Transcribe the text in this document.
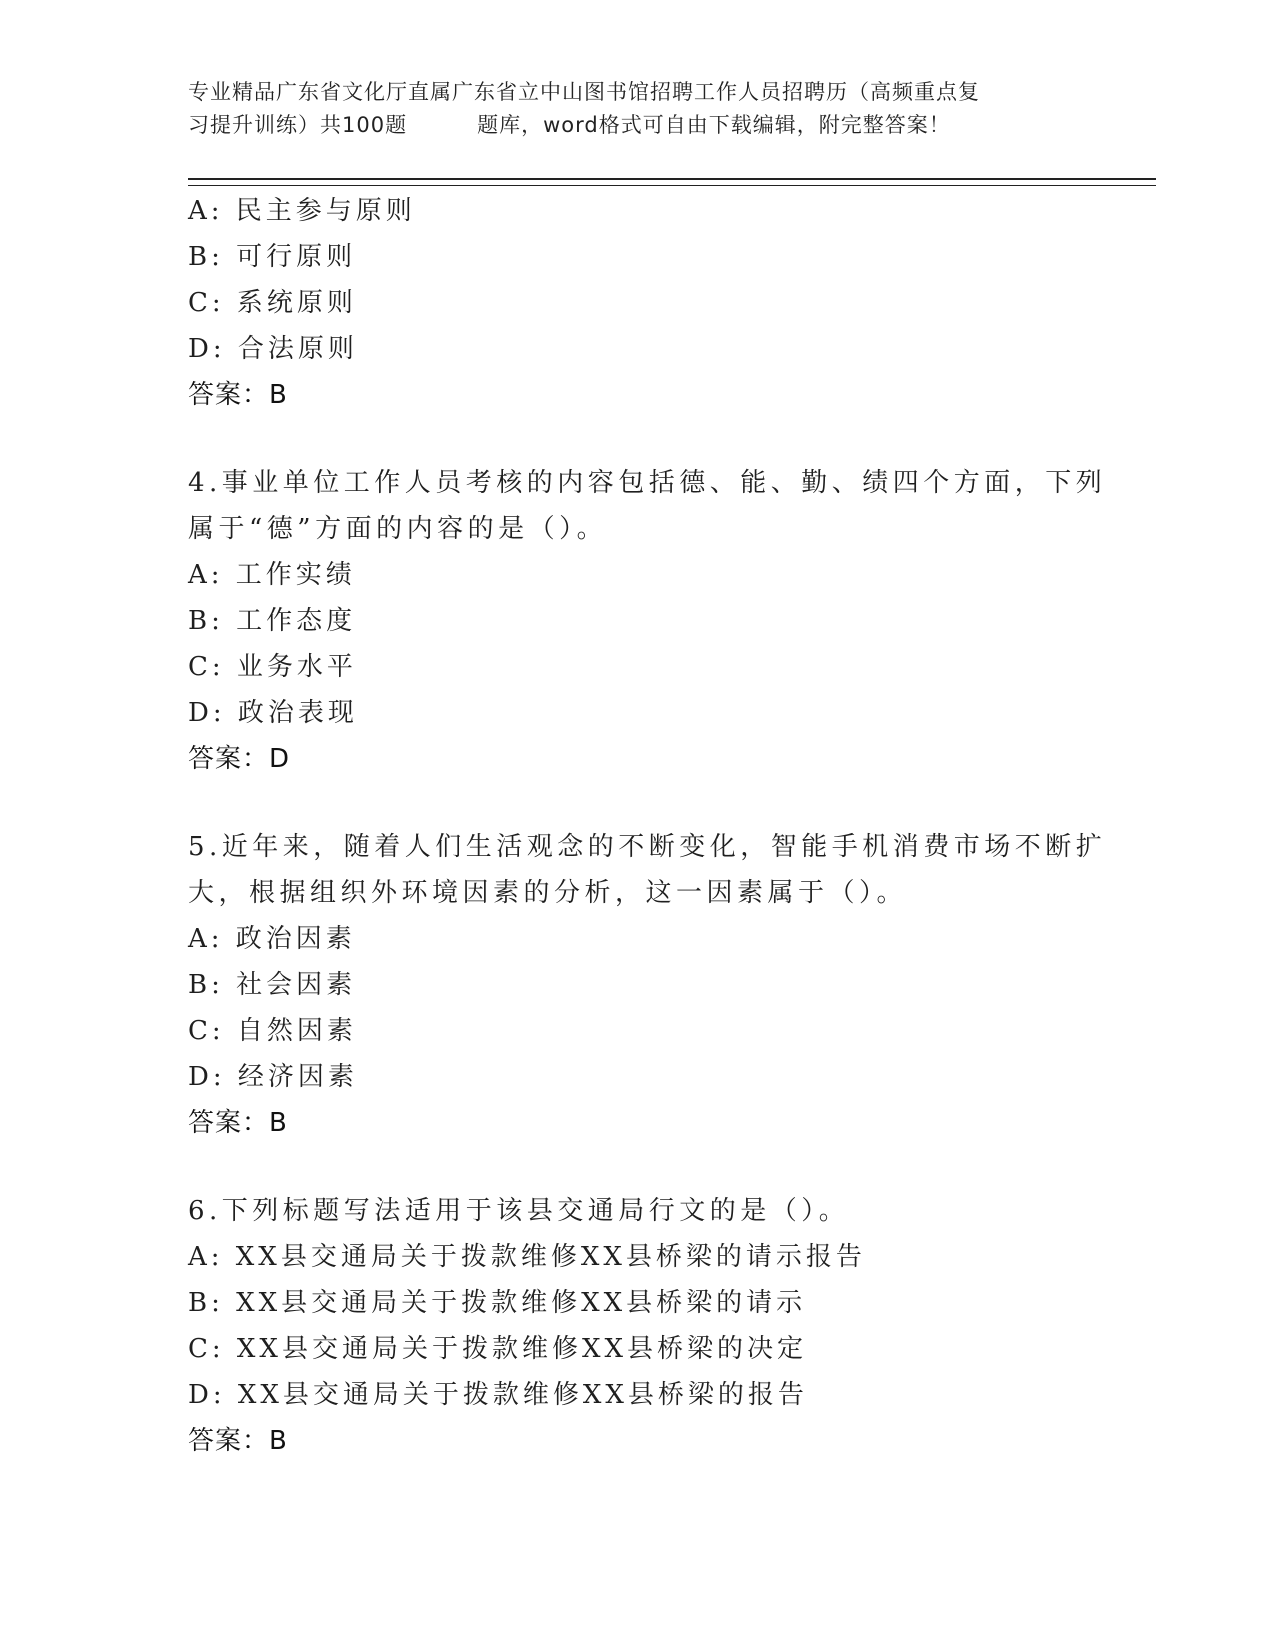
专业精品广东省文化厅直属广东省立中山图书馆招聘工作人员招聘历（高频重点复
习提升训练）共100题	题库，word格式可自由下载编辑，附完整答案！
A: 民主参与原则
B: 可行原则
C: 系统原则
D: 合法原则
答案：B
4.事业单位工作人员考核的内容包括德、能、勤、绩四个方面，下列
属于“德”方面的内容的是（）。
A: 工作实绩
B: 工作态度
C: 业务水平
D: 政治表现
答案：D
5.近年来，随着人们生活观念的不断变化，智能手机消费市场不断扩
大，根据组织外环境因素的分析，这一因素属于（）。
A: 政治因素
B: 社会因素
C: 自然因素
D: 经济因素
答案：B
6.下列标题写法适用于该县交通局行文的是（）。
A: XX县交通局关于拨款维修XX县桥梁的请示报告
B: XX县交通局关于拨款维修XX县桥梁的请示
C: XX县交通局关于拨款维修XX县桥梁的决定
D: XX县交通局关于拨款维修XX县桥梁的报告
答案：B
